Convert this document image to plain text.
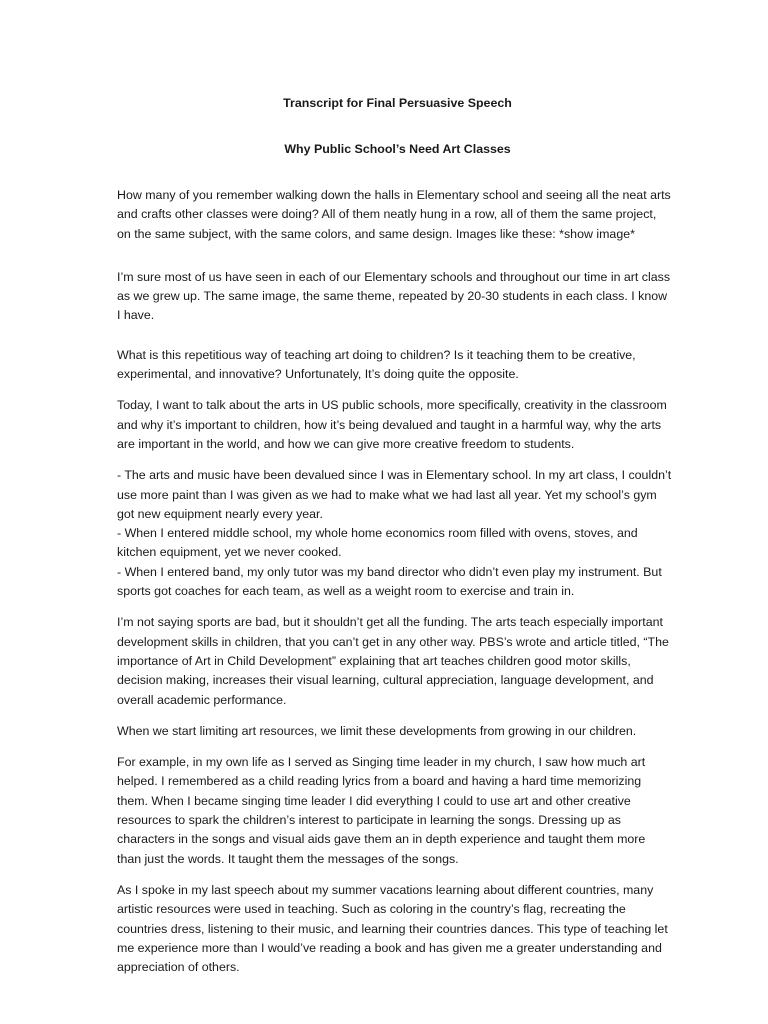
Transcript for Final Persuasive Speech
Why Public School’s Need Art Classes

How many of you remember walking down the halls in Elementary school and seeing all the neat arts and crafts other classes were doing? All of them neatly hung in a row, all of them the same project, on the same subject, with the same colors, and same design. Images like these: *show image*

I’m sure most of us have seen in each of our Elementary schools and throughout our time in art class as we grew up. The same image, the same theme, repeated by 20-30 students in each class. I know I have.

What is this repetitious way of teaching art doing to children? Is it teaching them to be creative, experimental, and innovative? Unfortunately, It’s doing quite the opposite.

Today, I want to talk about the arts in US public schools, more specifically, creativity in the classroom and why it’s important to children, how it’s being devalued and taught in a harmful way, why the arts are important in the world, and how we can give more creative freedom to students.

- The arts and music have been devalued since I was in Elementary school. In my art class, I couldn’t use more paint than I was given as we had to make what we had last all year. Yet my school’s gym got new equipment nearly every year.
- When I entered middle school, my whole home economics room filled with ovens, stoves, and kitchen equipment, yet we never cooked.
- When I entered band, my only tutor was my band director who didn’t even play my instrument. But sports got coaches for each team, as well as a weight room to exercise and train in.

I’m not saying sports are bad, but it shouldn’t get all the funding. The arts teach especially important development skills in children, that you can’t get in any other way. PBS’s wrote and article titled, “The importance of Art in Child Development” explaining that art teaches children good motor skills, decision making, increases their visual learning, cultural appreciation, language development, and overall academic performance.

When we start limiting art resources, we limit these developments from growing in our children.

For example, in my own life as I served as Singing time leader in my church, I saw how much art helped. I remembered as a child reading lyrics from a board and having a hard time memorizing them. When I became singing time leader I did everything I could to use art and other creative resources to spark the children’s interest to participate in learning the songs. Dressing up as characters in the songs and visual aids gave them an in depth experience and taught them more than just the words. It taught them the messages of the songs.

As I spoke in my last speech about my summer vacations learning about different countries, many artistic resources were used in teaching. Such as coloring in the country’s flag, recreating the countries dress, listening to their music, and learning their countries dances. This type of teaching let me experience more than I would’ve reading a book and has given me a greater understanding and appreciation of others.
